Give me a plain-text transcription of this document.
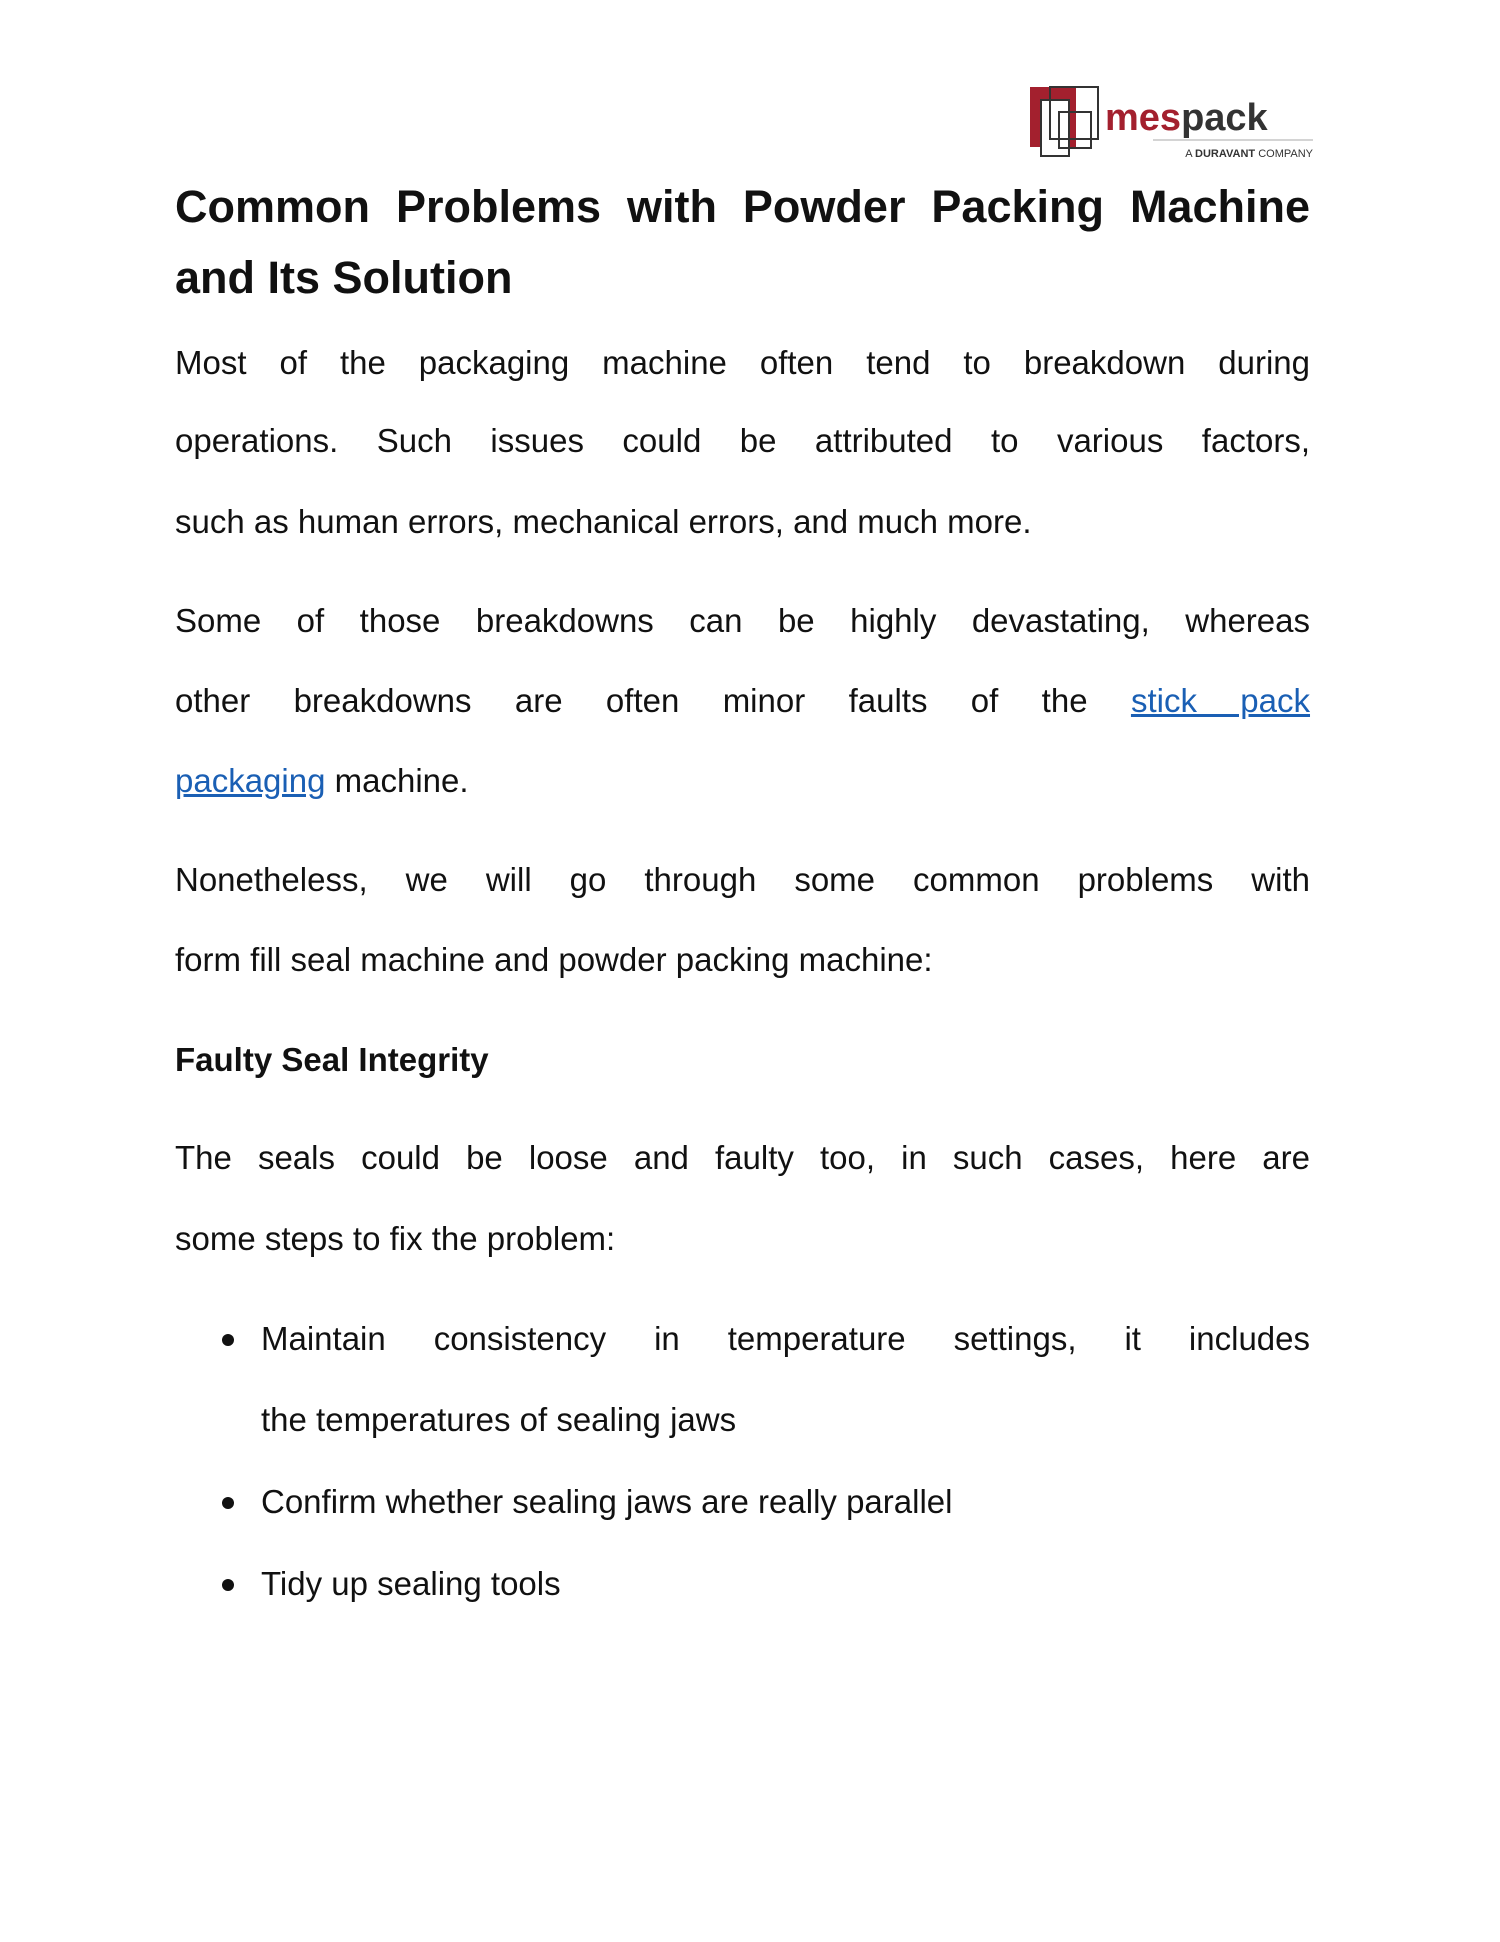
mespack
A DURAVANT COMPANY
Common Problems with Powder Packing Machine
and Its Solution
Most of the packaging machine often tend to breakdown during
operations. Such issues could be attributed to various factors,
such as human errors, mechanical errors, and much more.
Some of those breakdowns can be highly devastating, whereas
other breakdowns are often minor faults of the stick pack
packaging machine.
Nonetheless, we will go through some common problems with
form fill seal machine and powder packing machine:
Faulty Seal Integrity
The seals could be loose and faulty too, in such cases, here are
some steps to fix the problem:
Maintain consistency in temperature settings, it includes
the temperatures of sealing jaws
Confirm whether sealing jaws are really parallel
Tidy up sealing tools
